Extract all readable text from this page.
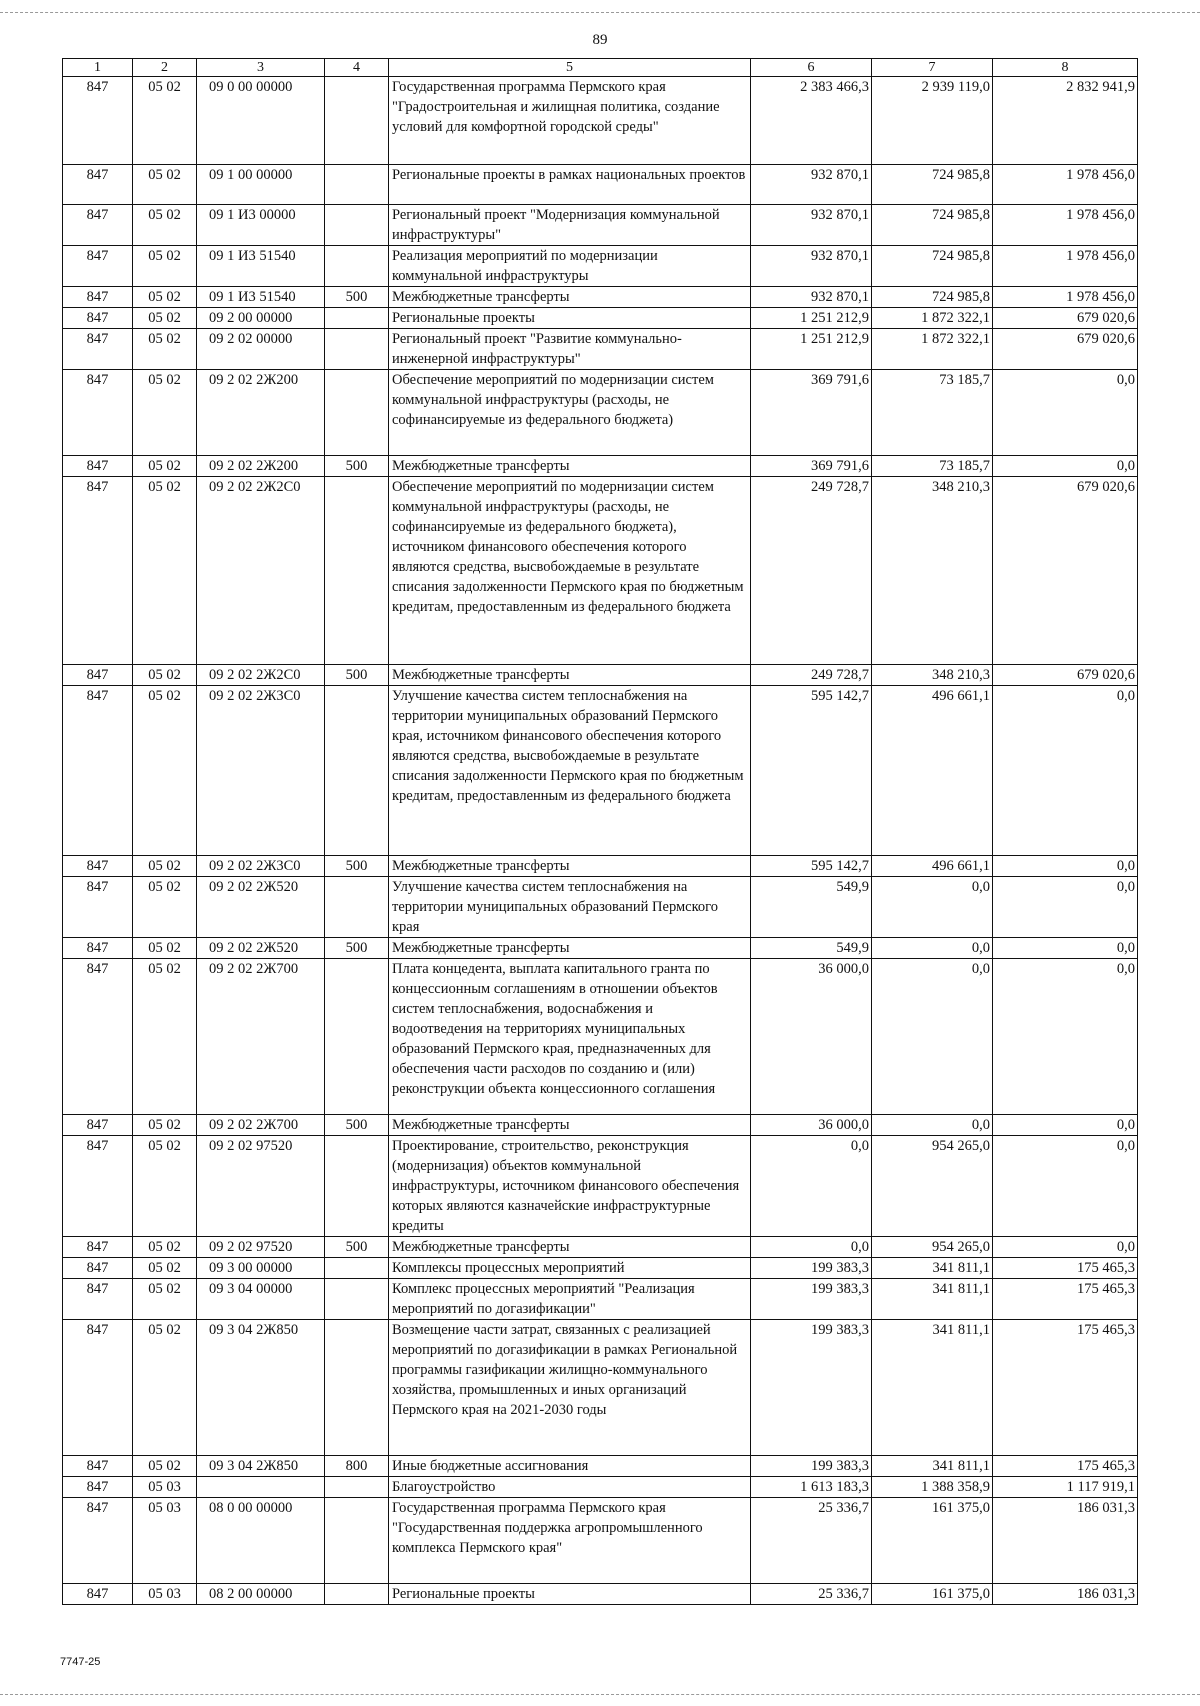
89
1	2	3	4	5	6	7	8
847	05 02	09 0 00 00000		Государственная программа Пермского края "Градостроительная и жилищная политика, создание условий для комфортной городской среды"	2 383 466,3	2 939 119,0	2 832 941,9
847	05 02	09 1 00 00000		Региональные проекты в рамках национальных проектов	932 870,1	724 985,8	1 978 456,0
847	05 02	09 1 И3 00000		Региональный проект "Модернизация коммунальной инфраструктуры"	932 870,1	724 985,8	1 978 456,0
847	05 02	09 1 И3 51540		Реализация мероприятий по модернизации коммунальной инфраструктуры	932 870,1	724 985,8	1 978 456,0
847	05 02	09 1 И3 51540	500	Межбюджетные трансферты	932 870,1	724 985,8	1 978 456,0
847	05 02	09 2 00 00000		Региональные проекты	1 251 212,9	1 872 322,1	679 020,6
847	05 02	09 2 02 00000		Региональный проект "Развитие коммунально-инженерной инфраструктуры"	1 251 212,9	1 872 322,1	679 020,6
847	05 02	09 2 02 2Ж200		Обеспечение мероприятий по модернизации систем коммунальной инфраструктуры (расходы, не софинансируемые из федерального бюджета)	369 791,6	73 185,7	0,0
847	05 02	09 2 02 2Ж200	500	Межбюджетные трансферты	369 791,6	73 185,7	0,0
847	05 02	09 2 02 2Ж2С0		Обеспечение мероприятий по модернизации систем коммунальной инфраструктуры (расходы, не софинансируемые из федерального бюджета), источником финансового обеспечения которого являются средства, высвобождаемые в результате списания задолженности Пермского края по бюджетным кредитам, предоставленным из федерального бюджета	249 728,7	348 210,3	679 020,6
847	05 02	09 2 02 2Ж2С0	500	Межбюджетные трансферты	249 728,7	348 210,3	679 020,6
847	05 02	09 2 02 2Ж3С0		Улучшение качества систем теплоснабжения на территории муниципальных образований Пермского края, источником финансового обеспечения которого являются средства, высвобождаемые в результате списания задолженности Пермского края по бюджетным кредитам, предоставленным из федерального бюджета	595 142,7	496 661,1	0,0
847	05 02	09 2 02 2Ж3С0	500	Межбюджетные трансферты	595 142,7	496 661,1	0,0
847	05 02	09 2 02 2Ж520		Улучшение качества систем теплоснабжения на территории муниципальных образований Пермского края	549,9	0,0	0,0
847	05 02	09 2 02 2Ж520	500	Межбюджетные трансферты	549,9	0,0	0,0
847	05 02	09 2 02 2Ж700		Плата концедента, выплата капитального гранта по концессионным соглашениям в отношении объектов систем теплоснабжения, водоснабжения и водоотведения на территориях муниципальных образований Пермского края, предназначенных для обеспечения части расходов по созданию и (или) реконструкции объекта концессионного соглашения	36 000,0	0,0	0,0
847	05 02	09 2 02 2Ж700	500	Межбюджетные трансферты	36 000,0	0,0	0,0
847	05 02	09 2 02 97520		Проектирование, строительство, реконструкция (модернизация) объектов коммунальной инфраструктуры, источником финансового обеспечения которых являются казначейские инфраструктурные кредиты	0,0	954 265,0	0,0
847	05 02	09 2 02 97520	500	Межбюджетные трансферты	0,0	954 265,0	0,0
847	05 02	09 3 00 00000		Комплексы процессных мероприятий	199 383,3	341 811,1	175 465,3
847	05 02	09 3 04 00000		Комплекс процессных мероприятий "Реализация мероприятий по догазификации"	199 383,3	341 811,1	175 465,3
847	05 02	09 3 04 2Ж850		Возмещение части затрат, связанных с реализацией мероприятий по догазификации в рамках Региональной программы газификации жилищно-коммунального хозяйства, промышленных и иных организаций Пермского края на 2021-2030 годы	199 383,3	341 811,1	175 465,3
847	05 02	09 3 04 2Ж850	800	Иные бюджетные ассигнования	199 383,3	341 811,1	175 465,3
847	05 03			Благоустройство	1 613 183,3	1 388 358,9	1 117 919,1
847	05 03	08 0 00 00000		Государственная программа Пермского края "Государственная поддержка агропромышленного комплекса Пермского края"	25 336,7	161 375,0	186 031,3
847	05 03	08 2 00 00000		Региональные проекты	25 336,7	161 375,0	186 031,3
7747-25
